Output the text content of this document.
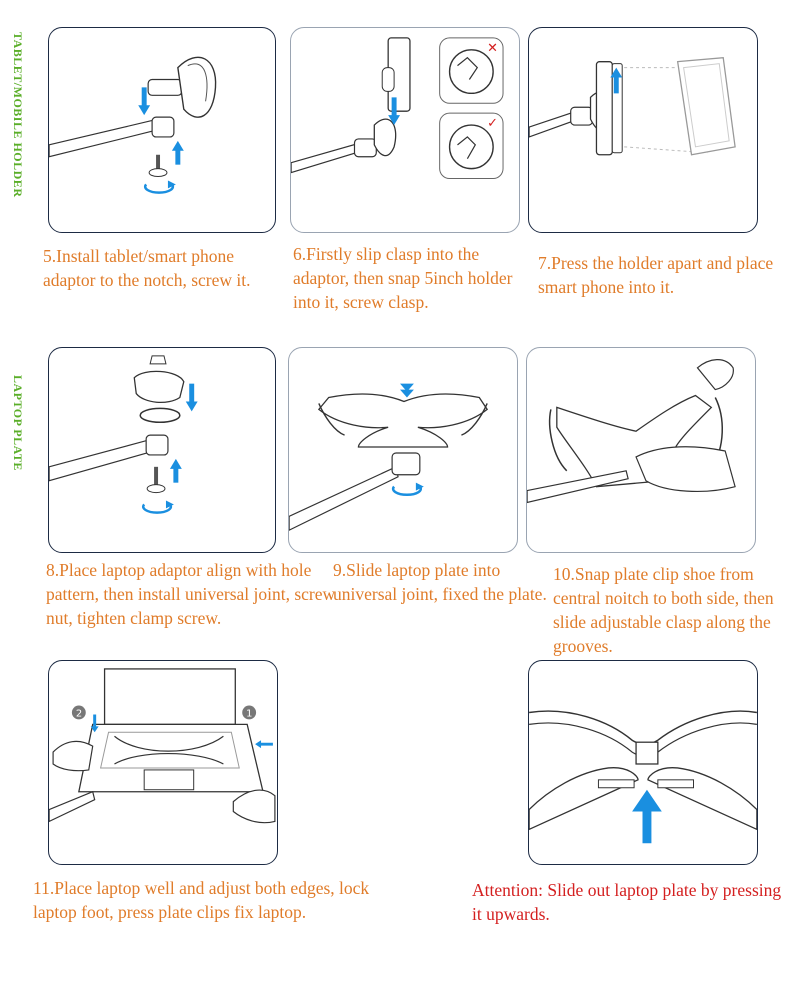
TABLET/MOBILE HOLDER
LAPTOP PLATE
✕
✓

5.Install tablet/smart phone adaptor to the notch, screw it.

6.Firstly slip clasp into the adaptor, then snap 5inch holder into it, screw clasp.

7.Press the holder apart and place smart phone into it.

8.Place laptop adaptor align with hole pattern, then install universal joint, screw nut, tighten clamp screw.

9.Slide laptop plate into universal joint, fixed the plate.

10.Snap plate clip shoe from central noitch to both side, then slide adjustable clasp along the grooves.

2	1

11.Place laptop well and adjust both edges, lock laptop foot, press plate clips fix laptop.

Attention: Slide out laptop plate by pressing it upwards.
